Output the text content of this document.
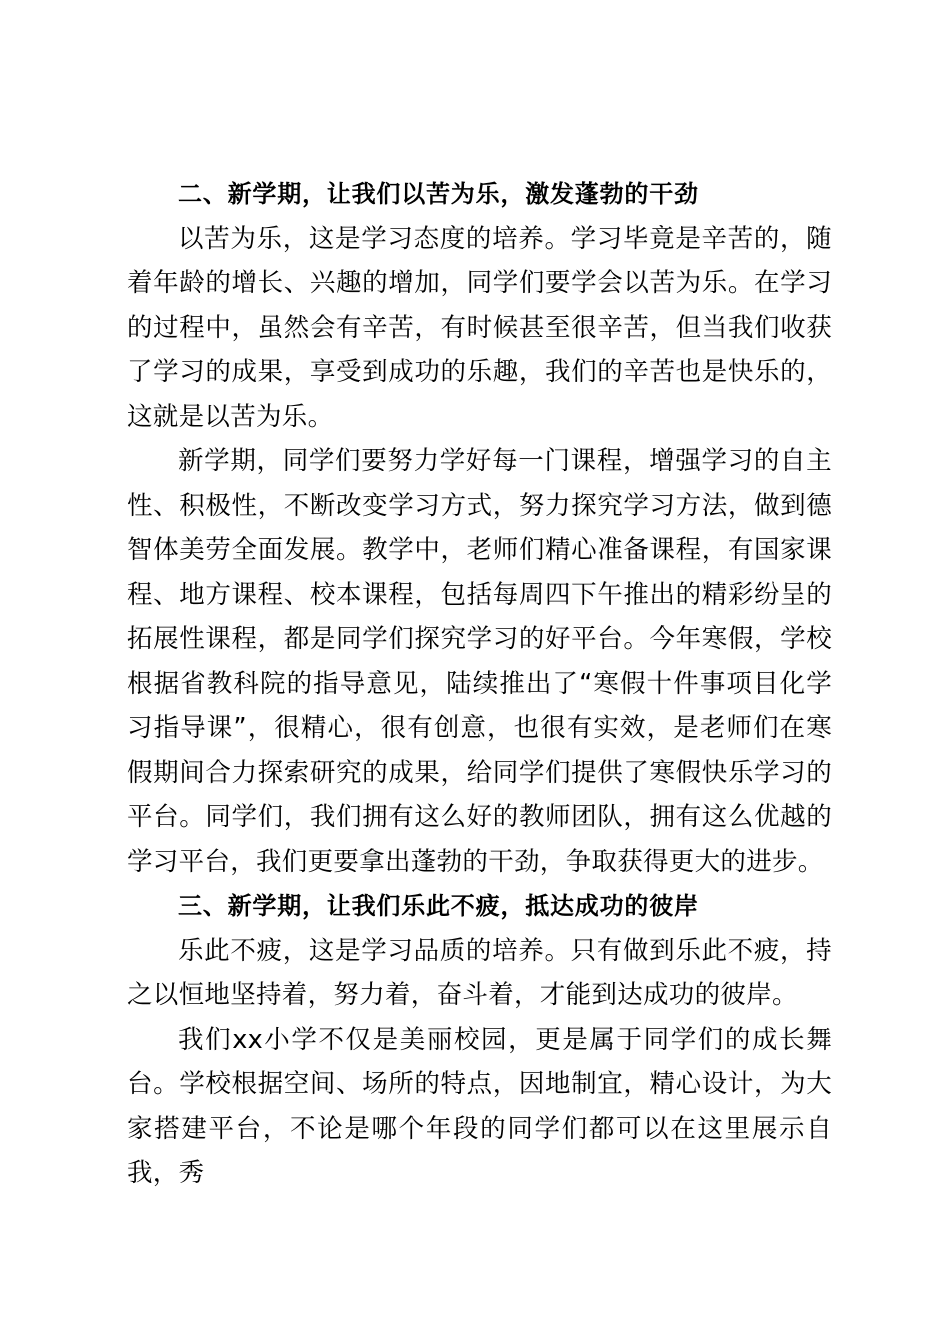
二、新学期，让我们以苦为乐，激发蓬勃的干劲

以苦为乐，这是学习态度的培养。学习毕竟是辛苦的，随着年龄的增长、兴趣的增加，同学们要学会以苦为乐。在学习的过程中，虽然会有辛苦，有时候甚至很辛苦，但当我们收获了学习的成果，享受到成功的乐趣，我们的辛苦也是快乐的，这就是以苦为乐。

新学期，同学们要努力学好每一门课程，增强学习的自主性、积极性，不断改变学习方式，努力探究学习方法，做到德智体美劳全面发展。教学中，老师们精心准备课程，有国家课程、地方课程、校本课程，包括每周四下午推出的精彩纷呈的拓展性课程，都是同学们探究学习的好平台。今年寒假，学校根据省教科院的指导意见，陆续推出了“寒假十件事项目化学习指导课”，很精心，很有创意，也很有实效，是老师们在寒假期间合力探索研究的成果，给同学们提供了寒假快乐学习的平台。同学们，我们拥有这么好的教师团队，拥有这么优越的学习平台，我们更要拿出蓬勃的干劲，争取获得更大的进步。

三、新学期，让我们乐此不疲，抵达成功的彼岸

乐此不疲，这是学习品质的培养。只有做到乐此不疲，持之以恒地坚持着，努力着，奋斗着，才能到达成功的彼岸。

我们xx小学不仅是美丽校园，更是属于同学们的成长舞台。学校根据空间、场所的特点，因地制宜，精心设计，为大家搭建平台，不论是哪个年段的同学们都可以在这里展示自我，秀
